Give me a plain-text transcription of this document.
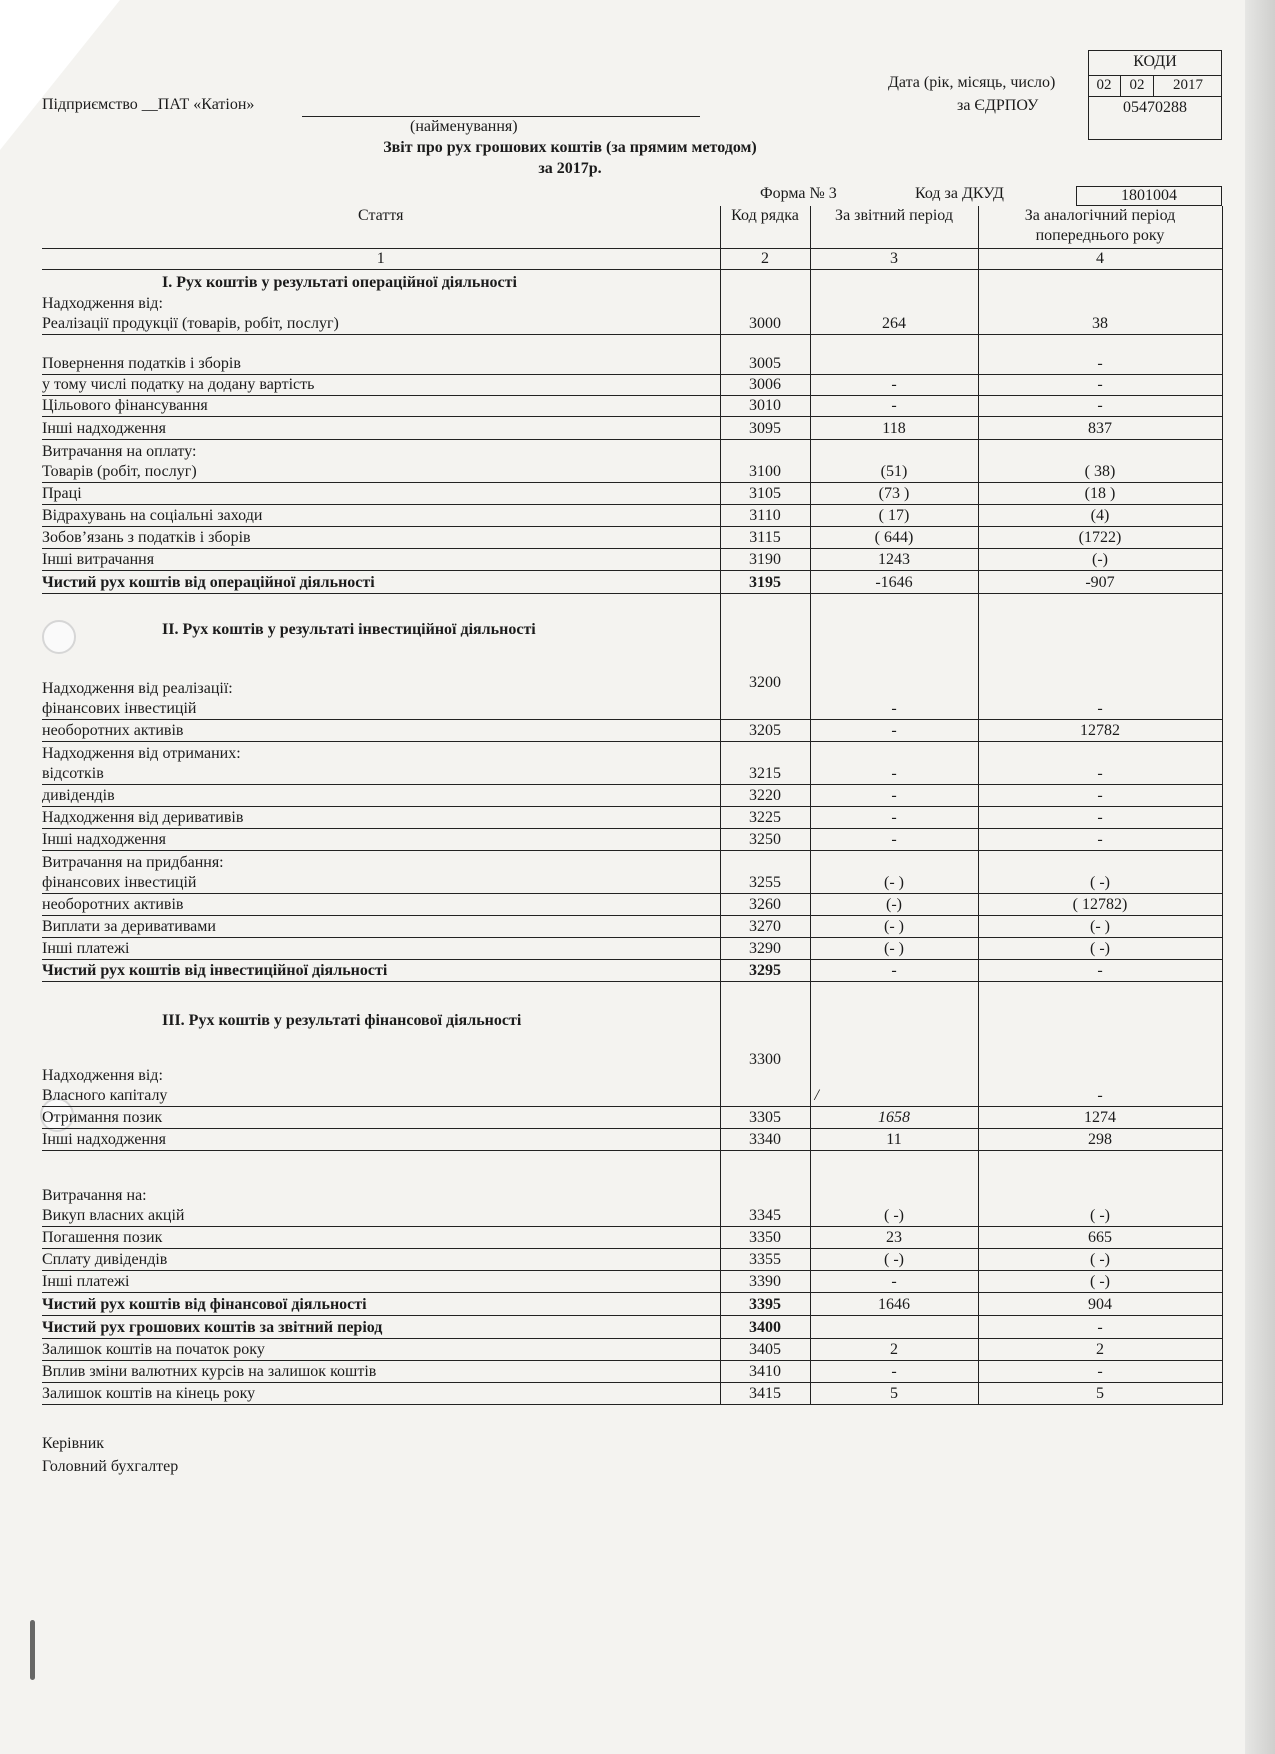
Підприємство __ПАТ «Катіон»
(найменування)
Звіт про рух грошових коштів (за прямим методом)
за 2017р.
Дата (рік, місяць, число)
за ЄДРПОУ
КОДИ
02	02	2017
05470288
Форма № 3	Код за ДКУД	1801004
Стаття	Код рядка	За звітний період	За аналогічний період попереднього року
1	2	3	4

І. Рух коштів у результаті операційної діяльності
Надходження від:
Реалізації продукції (товарів, робіт, послуг)	3000	264	38
Повернення податків і зборів	3005		-
у тому числі податку на додану вартість	3006	-	-
Цільового фінансування	3010	-	-
Інші надходження	3095	118	837

Витрачання на оплату:
Товарів (робіт, послуг)	3100	(51)	( 38)
Праці	3105	(73 )	(18 )
Відрахувань на соціальні заходи	3110	( 17)	(4)
Зобов’язань з податків і зборів	3115	( 644)	(1722)
Інші витрачання	3190	1243	(-)
Чистий рух коштів від операційної діяльності	3195	-1646	-907

ІІ. Рух коштів у результаті інвестиційної діяльності
Надходження від реалізації:
фінансових інвестицій	3200	-	-
необоротних активів	3205	-	12782

Надходження від отриманих:
відсотків	3215	-	-
дивідендів	3220	-	-
Надходження від деривативів	3225	-	-
Інші надходження	3250	-	-

Витрачання на придбання:
фінансових інвестицій	3255	(- )	( -)
необоротних активів	3260	(-)	( 12782)
Виплати за деривативами	3270	(- )	(- )
Інші платежі	3290	(- )	( -)
Чистий рух коштів від інвестиційної діяльності	3295	-	-

ІІІ. Рух коштів у результаті фінансової діяльності
Надходження від:
Власного капіталу	3300	/	-
Отримання позик	3305	1658	1274
Інші надходження	3340	11	298

Витрачання на:
Викуп власних акцій	3345	( -)	( -)
Погашення позик	3350	23	665
Сплату дивідендів	3355	( -)	( -)
Інші платежі	3390	-	( -)
Чистий рух коштів від фінансової діяльності	3395	1646	904
Чистий рух грошових коштів за звітний період	3400		-
Залишок коштів на початок року	3405	2	2
Вплив зміни валютних курсів на залишок коштів	3410	-	-
Залишок коштів на кінець року	3415	5	5
Керівник
Головний бухгалтер
